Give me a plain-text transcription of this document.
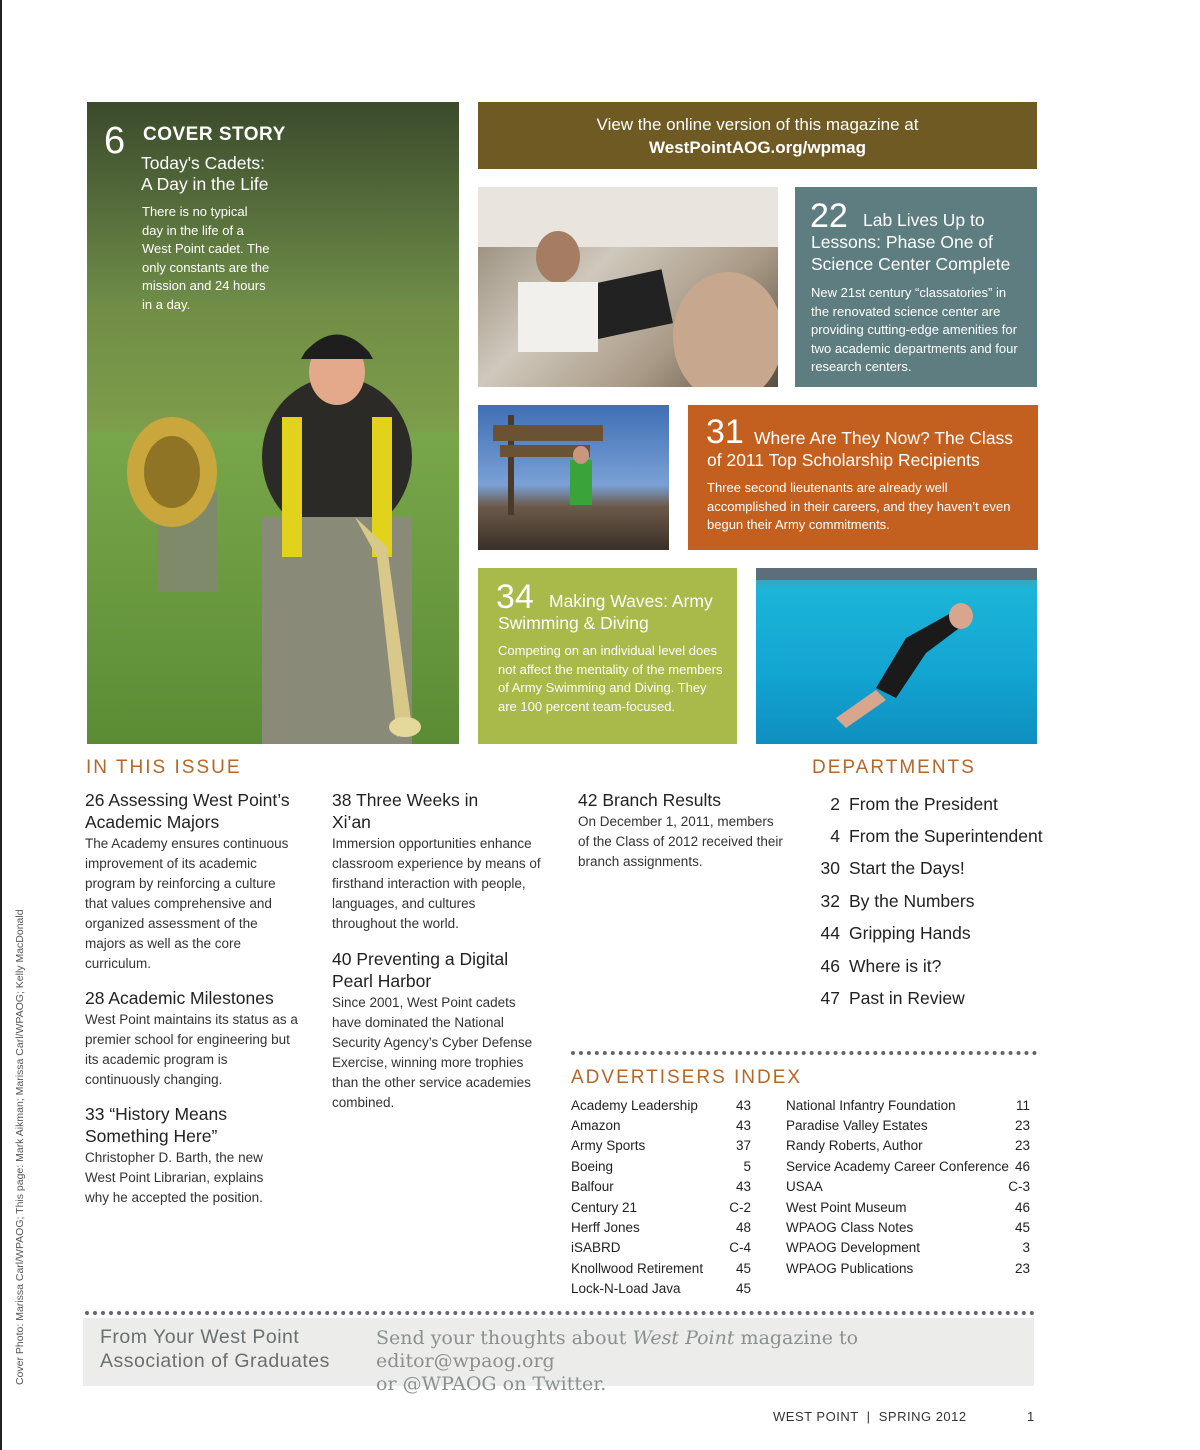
Cover Photo: Marissa Carl/WPAOG; This page: Mark Aikman; Marissa Carl/WPAOG; Kelly MacDonald
6 COVER STORY
Today's Cadets:
A Day in the Life
There is no typical day in the life of a West Point cadet. The only constants are the mission and 24 hours in a day.
View the online version of this magazine at
WestPointAOG.org/wpmag
22 Lab Lives Up to Lessons: Phase One of Science Center Complete
New 21st century “classatories” in the renovated science center are providing cutting-edge amenities for two academic departments and four research centers.
31 Where Are They Now? The Class of 2011 Top Scholarship Recipients
Three second lieutenants are already well accomplished in their careers, and they haven’t even begun their Army commitments.
34 Making Waves: Army Swimming & Diving
Competing on an individual level does not affect the mentality of the members of Army Swimming and Diving. They are 100 percent team-focused.
IN THIS ISSUE
26 Assessing West Point’s Academic Majors
The Academy ensures continuous improvement of its academic program by reinforcing a culture that values comprehensive and organized assessment of the majors as well as the core curriculum.
28 Academic Milestones
West Point maintains its status as a premier school for engineering but its academic program is continuously changing.
33 “History Means Something Here”
Christopher D. Barth, the new West Point Librarian, explains why he accepted the position.
38 Three Weeks in Xi’an
Immersion opportunities enhance classroom experience by means of firsthand interaction with people, languages, and cultures throughout the world.
40 Preventing a Digital Pearl Harbor
Since 2001, West Point cadets have dominated the National Security Agency’s Cyber Defense Exercise, winning more trophies than the other service academies combined.
42 Branch Results
On December 1, 2011, members of the Class of 2012 received their branch assignments.
DEPARTMENTS
2 From the President
4 From the Superintendent
30 Start the Days!
32 By the Numbers
44 Gripping Hands
46 Where is it?
47 Past in Review
ADVERTISERS INDEX
Academy Leadership	43
Amazon	43
Army Sports	37
Boeing	5
Balfour	43
Century 21	C-2
Herff Jones	48
iSABRD	C-4
Knollwood Retirement	45
Lock-N-Load Java	45
National Infantry Foundation	11
Paradise Valley Estates	23
Randy Roberts, Author	23
Service Academy Career Conference 46
USAA	C-3
West Point Museum	46
WPAOG Class Notes	45
WPAOG Development	3
WPAOG Publications	23
From Your West Point
Association of Graduates
Send your thoughts about West Point magazine to editor@wpaog.org
or @WPAOG on Twitter.
WEST POINT  |  SPRING 2012	1
